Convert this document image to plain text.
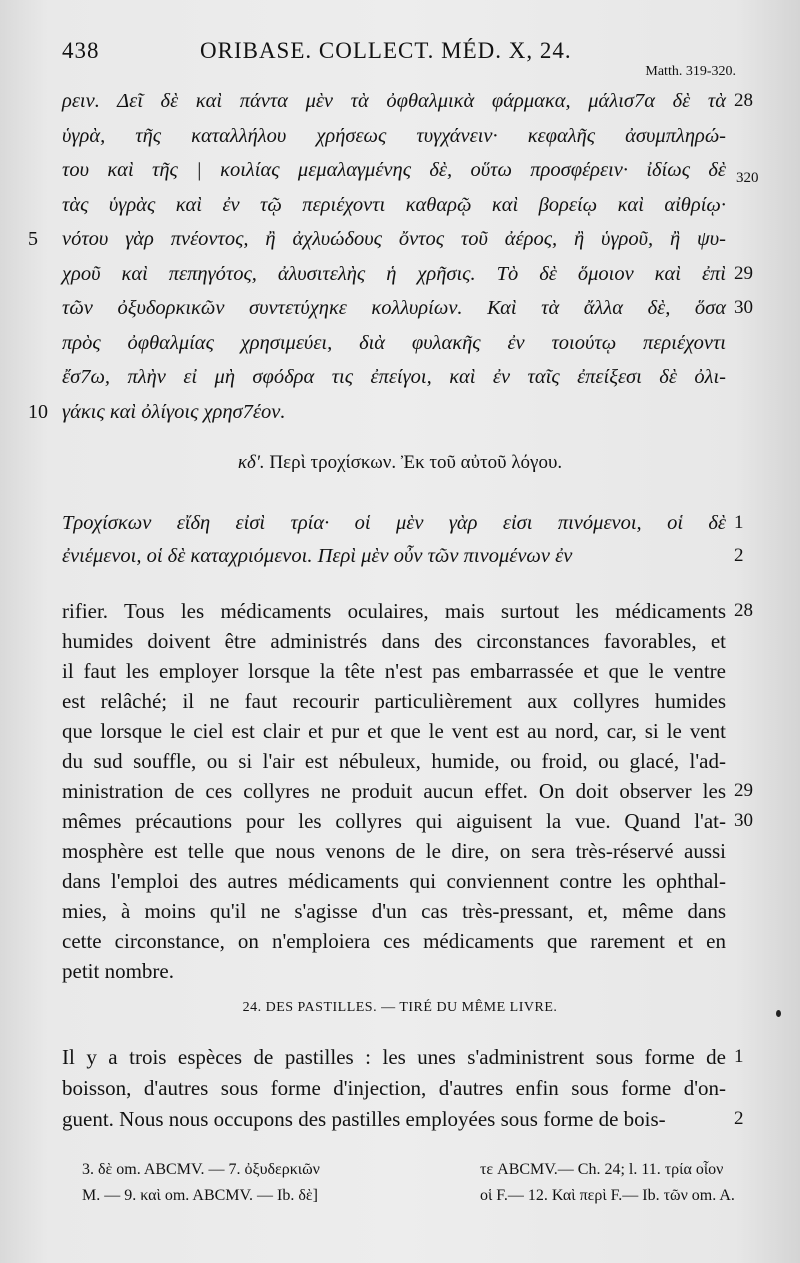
438	ORIBASE. COLLECT. MÉD. X, 24.
Matth. 319-320.
ρειν. Δεῖ δὲ καὶ πάντα μὲν τὰ ὀφθαλμικὰ φάρμακα, μάλισ7α δὲ τὰ 28
ὑγρὰ, τῆς καταλλήλου χρήσεως τυγχάνειν· κεφαλῆς ἀσυμπληρώ-
του καὶ τῆς | κοιλίας μεμαλαγμένης δὲ, οὕτω προσφέρειν· ἰδίως δὲ 320
τὰς ὑγρὰς καὶ ἐν τῷ περιέχοντι καθαρῷ καὶ βορείῳ καὶ αἰθρίῳ·
νότου γὰρ πνέοντος, ἢ ἀχλυώδους ὄντος τοῦ ἀέρος, ἢ ὑγροῦ, ἢ ψυ-
5
χροῦ καὶ πεπηγότος, ἀλυσιτελὴς ἡ χρῆσις. Τὸ δὲ ὅμοιον καὶ ἐπὶ 29
τῶν ὀξυδορκικῶν συντετύχηκε κολλυρίων. Καὶ τὰ ἄλλα δὲ, ὅσα 30
πρὸς ὀφθαλμίας χρησιμεύει, διὰ φυλακῆς ἐν τοιούτῳ περιέχοντι
ἔσ7ω, πλὴν εἰ μὴ σφόδρα τις ἐπείγοι, καὶ ἐν ταῖς ἐπείξεσι δὲ ὀλι-
γάκις καὶ ὀλίγοις χρησ7έον.
10
κδ'. Περὶ τροχίσκων. Ἐκ τοῦ αὐτοῦ λόγου.
Τροχίσκων εἴδη εἰσὶ τρία· οἱ μὲν γὰρ εἰσι πινόμενοι, οἱ δὲ 1
ἐνιέμενοι, οἱ δὲ καταχριόμενοι. Περὶ μὲν οὖν τῶν πινομένων ἐν	2
rifier. Tous les médicaments oculaires, mais surtout les médicaments 28
humides doivent être administrés dans des circonstances favorables, et
il faut les employer lorsque la tête n'est pas embarrassée et que le ventre
est relâché; il ne faut recourir particulièrement aux collyres humides
que lorsque le ciel est clair et pur et que le vent est au nord, car, si le vent
du sud souffle, ou si l'air est nébuleux, humide, ou froid, ou glacé, l'ad-
ministration de ces collyres ne produit aucun effet. On doit observer les 29
mêmes précautions pour les collyres qui aiguisent la vue. Quand l'at- 30
mosphère est telle que nous venons de le dire, on sera très-réservé aussi
dans l'emploi des autres médicaments qui conviennent contre les ophthal-
mies, à moins qu'il ne s'agisse d'un cas très-pressant, et, même dans
cette circonstance, on n'emploiera ces médicaments que rarement et en
petit nombre.
24. DES PASTILLES. — TIRÉ DU MÊME LIVRE.
Il y a trois espèces de pastilles : les unes s'administrent sous forme de 1
boisson, d'autres sous forme d'injection, d'autres enfin sous forme d'on-
guent. Nous nous occupons des pastilles employées sous forme de bois-	2
3. δὲ om. ABCMV. — 7. ὀξυδερκιῶν	τε ABCMV.— Ch. 24; l. 11. τρία οἷον
M. — 9. καὶ om. ABCMV. — Ib. δὲ]	οἱ F.— 12. Καὶ περὶ F.— Ib. τῶν om. A.
